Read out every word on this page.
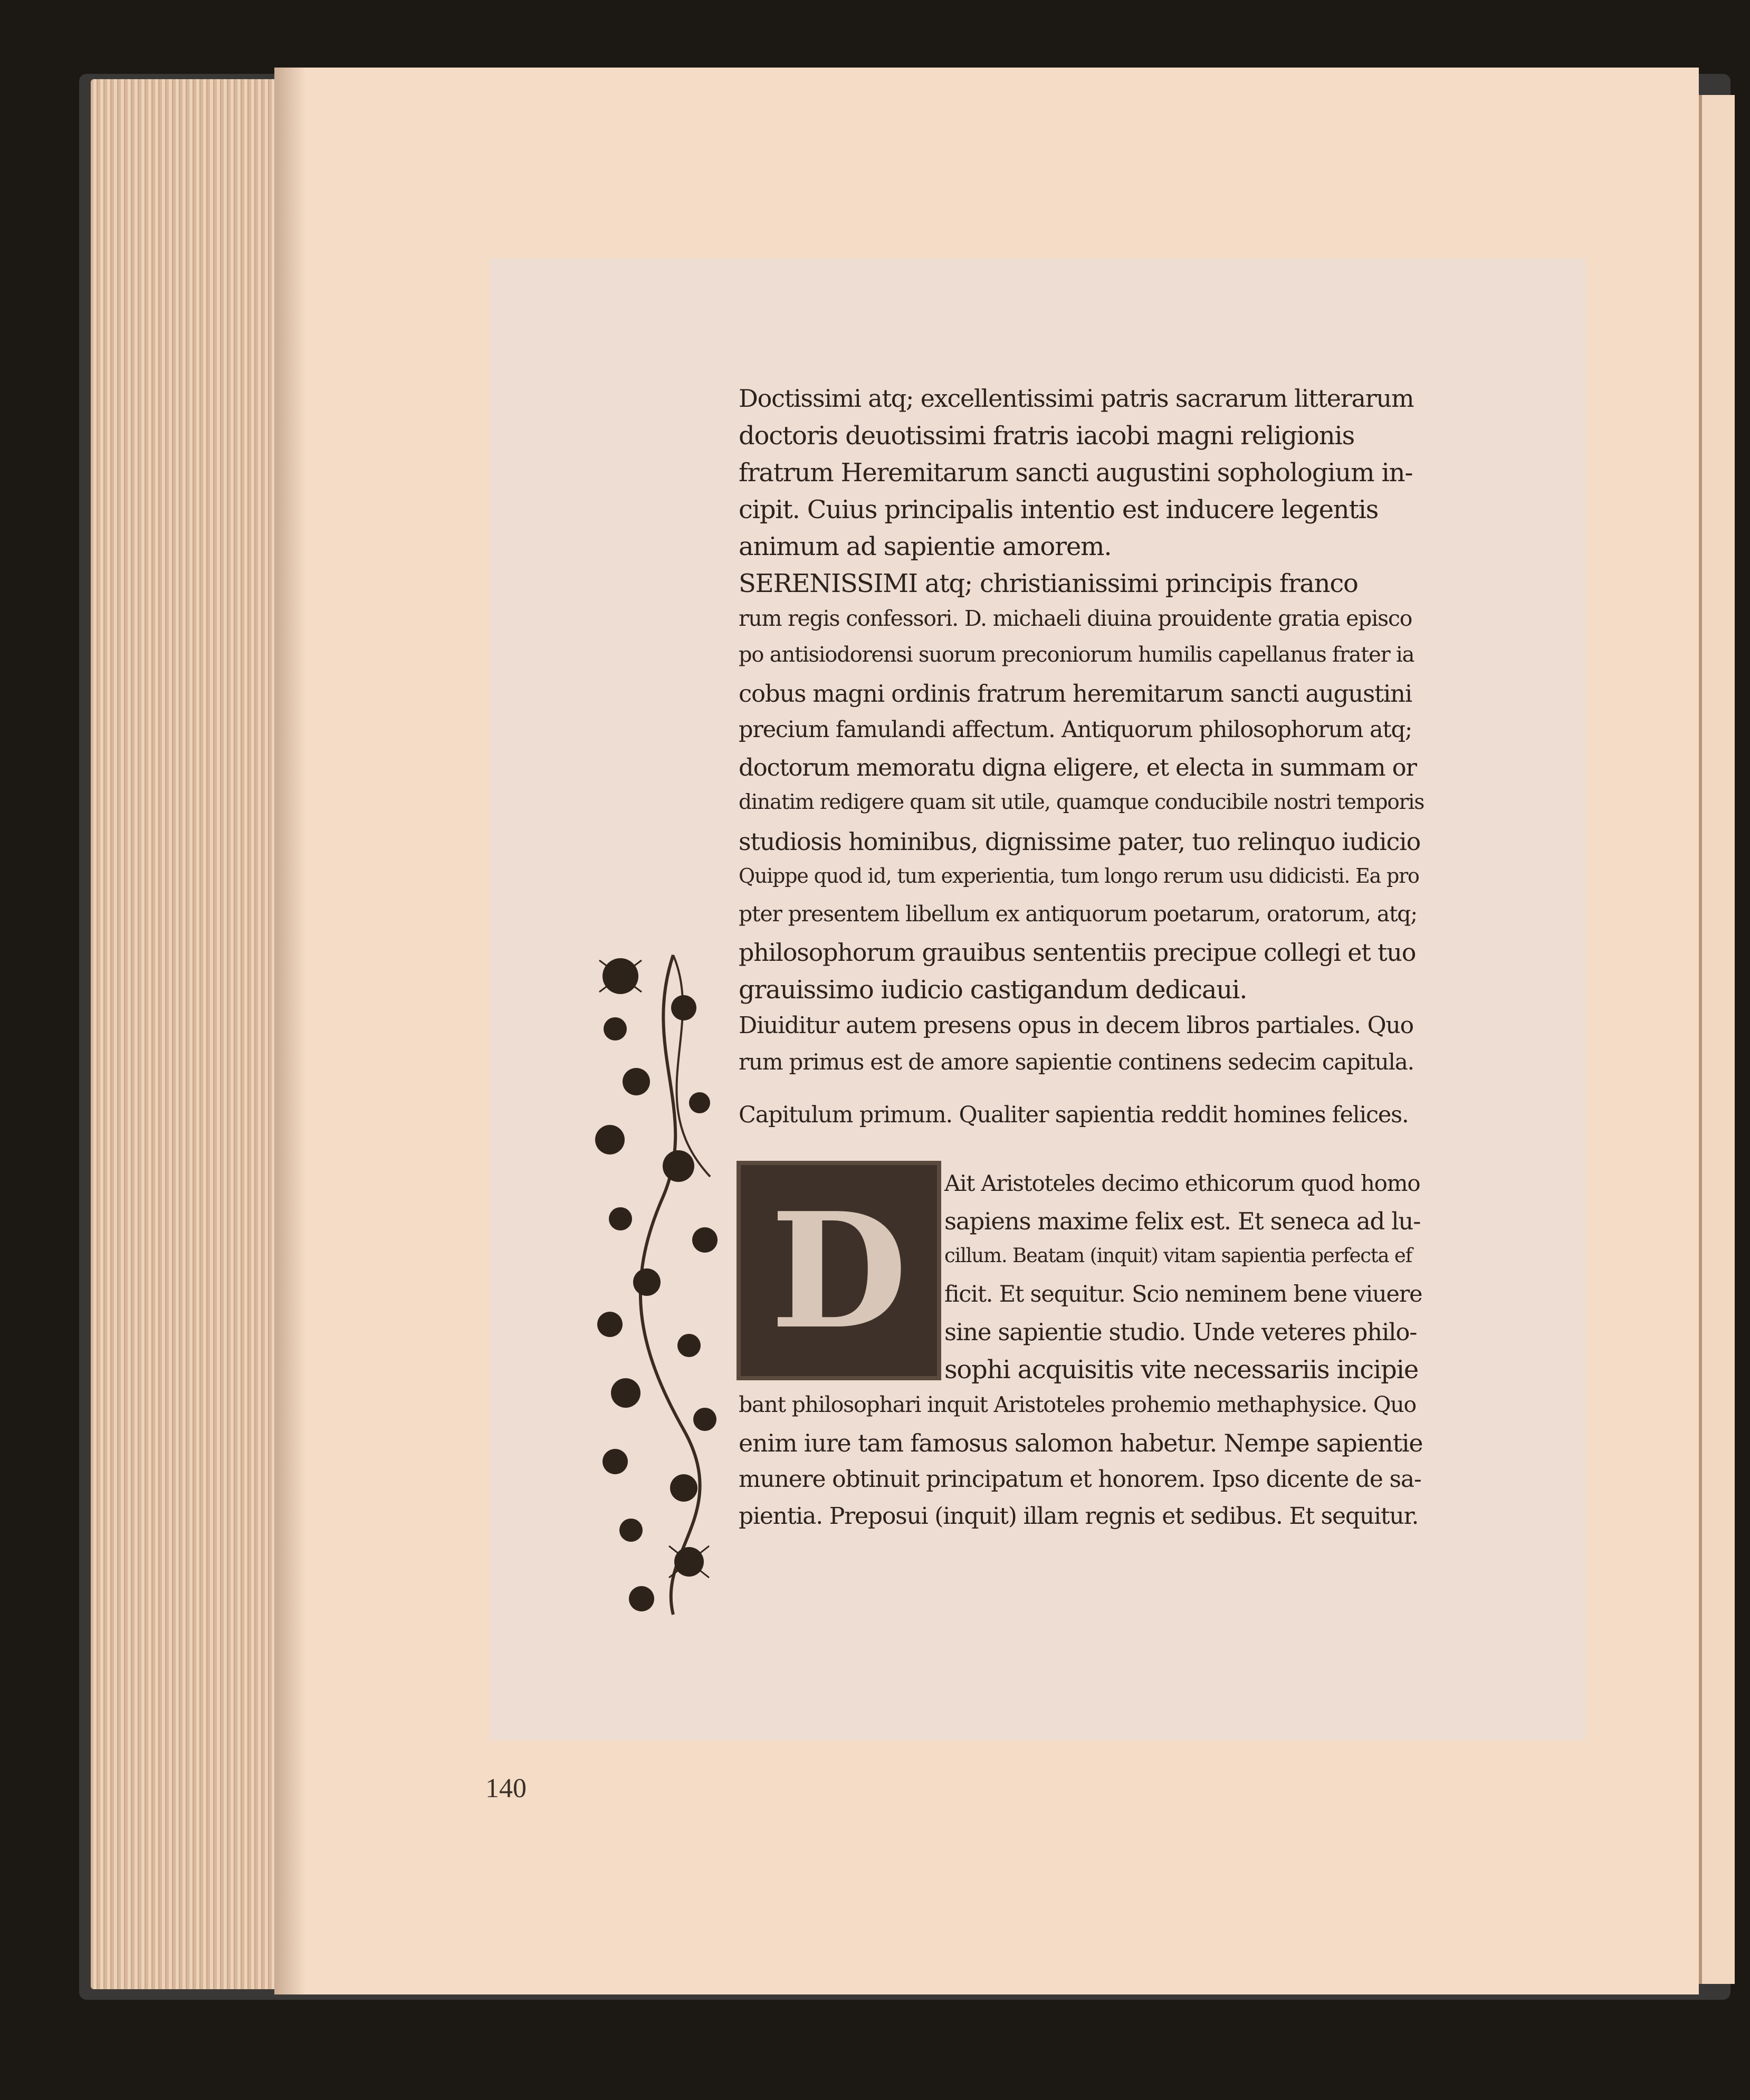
D
Doctissimi atq; excellentissimi patris sacrarum litterarum
doctoris deuotissimi fratris iacobi magni religionis
fratrum Heremitarum sancti augustini sophologium in-
cipit. Cuius principalis intentio est inducere legentis
animum ad sapientie amorem.
SERENISSIMI atq; christianissimi principis franco
rum regis confessori. D. michaeli diuina prouidente gratia episco
po antisiodorensi suorum preconiorum humilis capellanus frater ia
cobus magni ordinis fratrum heremitarum sancti augustini
precium famulandi affectum. Antiquorum philosophorum atq;
doctorum memoratu digna eligere, et electa in summam or
dinatim redigere quam sit utile, quamque conducibile nostri temporis
studiosis hominibus, dignissime pater, tuo relinquo iudicio
Quippe quod id, tum experientia, tum longo rerum usu didicisti. Ea pro
pter presentem libellum ex antiquorum poetarum, oratorum, atq;
philosophorum grauibus sententiis precipue collegi et tuo
grauissimo iudicio castigandum dedicaui.
Diuiditur autem presens opus in decem libros partiales. Quo
rum primus est de amore sapientie continens sedecim capitula.
Capitulum primum. Qualiter sapientia reddit homines felices.
Ait Aristoteles decimo ethicorum quod homo
sapiens maxime felix est. Et seneca ad lu-
cillum. Beatam (inquit) vitam sapientia perfecta ef
ficit. Et sequitur. Scio neminem bene viuere
sine sapientie studio. Unde veteres philo-
sophi acquisitis vite necessariis incipie
bant philosophari inquit Aristoteles prohemio methaphysice. Quo
enim iure tam famosus salomon habetur. Nempe sapientie
munere obtinuit principatum et honorem. Ipso dicente de sa-
pientia. Preposui (inquit) illam regnis et sedibus. Et sequitur.
140
